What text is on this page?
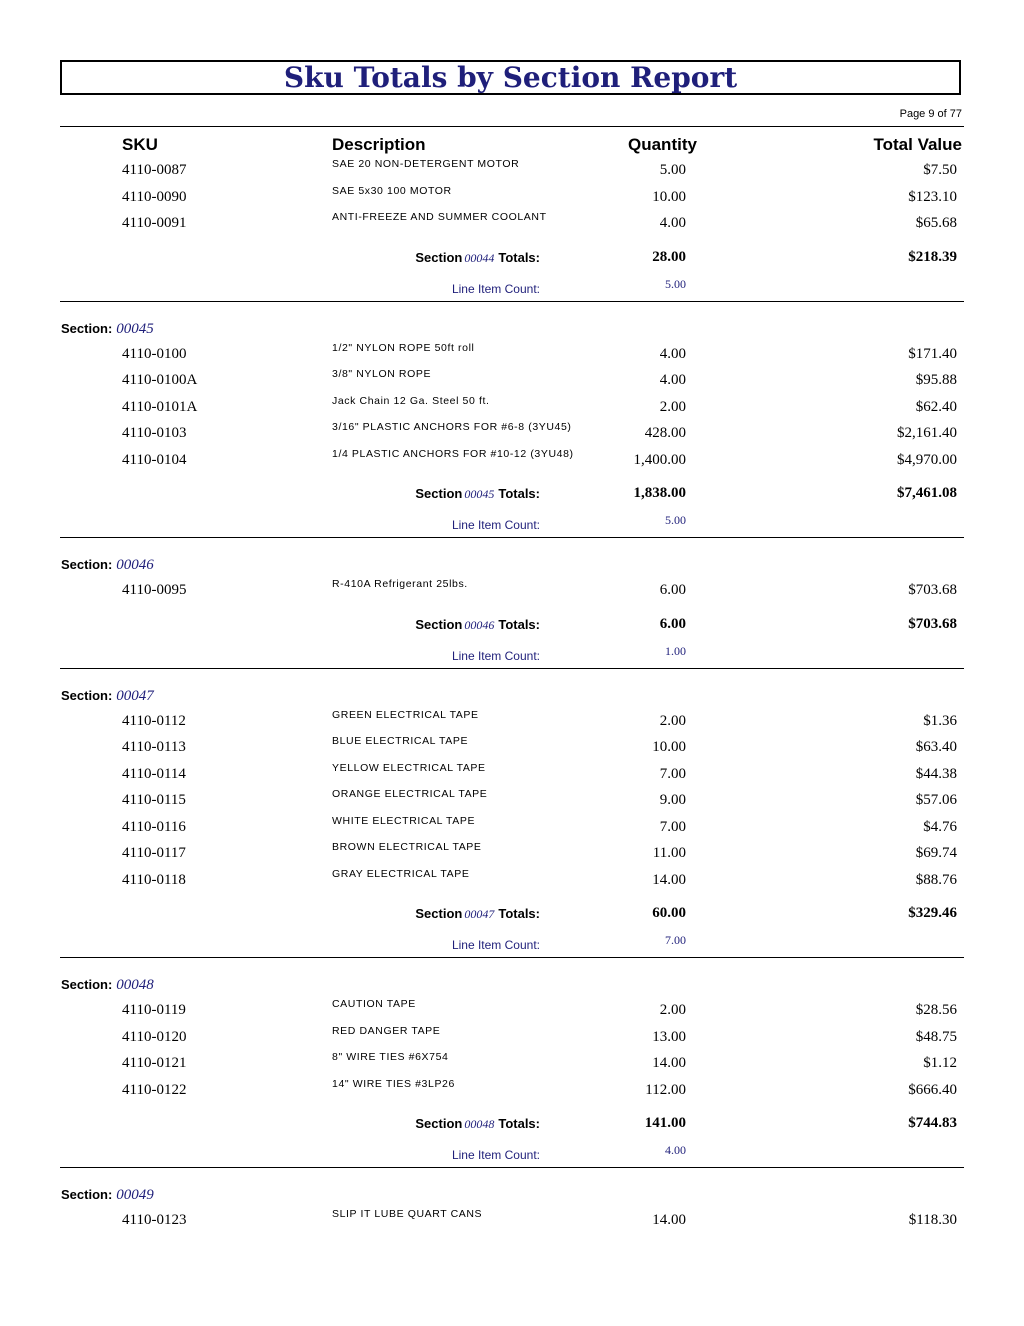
Sku Totals by Section Report
Page 9 of 77
SKU	Description	Quantity	Total Value
4110-0087	SAE 20 NON-DETERGENT MOTOR	5.00	$7.50
4110-0090	SAE 5x30 100 MOTOR	10.00	$123.10
4110-0091	ANTI-FREEZE AND SUMMER COOLANT	4.00	$65.68
Section 00044 Totals:	28.00	$218.39
Line Item Count:	5.00
Section: 00045
4110-0100	1/2" NYLON ROPE 50ft roll	4.00	$171.40
4110-0100A	3/8" NYLON ROPE	4.00	$95.88
4110-0101A	Jack Chain 12 Ga. Steel 50 ft.	2.00	$62.40
4110-0103	3/16" PLASTIC ANCHORS FOR #6-8 (3YU45)	428.00	$2,161.40
4110-0104	1/4 PLASTIC ANCHORS FOR #10-12 (3YU48)	1,400.00	$4,970.00
Section 00045 Totals:	1,838.00	$7,461.08
Line Item Count:	5.00
Section: 00046
4110-0095	R-410A Refrigerant 25lbs.	6.00	$703.68
Section 00046 Totals:	6.00	$703.68
Line Item Count:	1.00
Section: 00047
4110-0112	GREEN ELECTRICAL TAPE	2.00	$1.36
4110-0113	BLUE ELECTRICAL TAPE	10.00	$63.40
4110-0114	YELLOW ELECTRICAL TAPE	7.00	$44.38
4110-0115	ORANGE ELECTRICAL TAPE	9.00	$57.06
4110-0116	WHITE ELECTRICAL TAPE	7.00	$4.76
4110-0117	BROWN ELECTRICAL TAPE	11.00	$69.74
4110-0118	GRAY ELECTRICAL TAPE	14.00	$88.76
Section 00047 Totals:	60.00	$329.46
Line Item Count:	7.00
Section: 00048
4110-0119	CAUTION TAPE	2.00	$28.56
4110-0120	RED DANGER TAPE	13.00	$48.75
4110-0121	8" WIRE TIES #6X754	14.00	$1.12
4110-0122	14" WIRE TIES #3LP26	112.00	$666.40
Section 00048 Totals:	141.00	$744.83
Line Item Count:	4.00
Section: 00049
4110-0123	SLIP IT LUBE QUART CANS	14.00	$118.30
